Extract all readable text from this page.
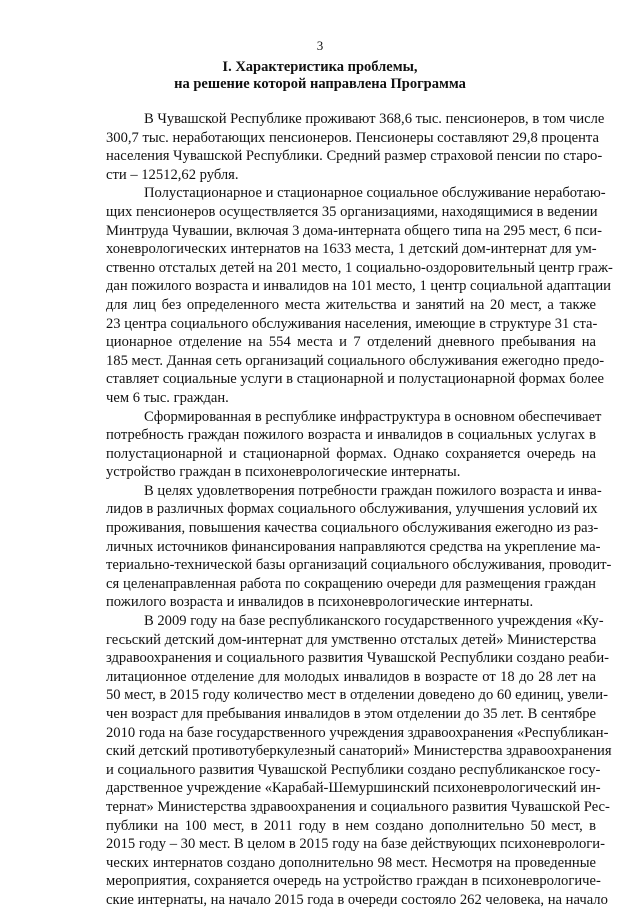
3
I. Характеристика проблемы,
на решение которой направлена Программа
В Чувашской Республике проживают 368,6 тыс. пенсионеров, в том числе
300,7 тыс. неработающих пенсионеров. Пенсионеры составляют 29,8 процента
населения Чувашской Республики. Средний размер страховой пенсии по старо-
сти – 12512,62 рубля.
Полустационарное и стационарное социальное обслуживание неработаю-
щих пенсионеров осуществляется 35 организациями, находящимися в ведении
Минтруда Чувашии, включая 3 дома-интерната общего типа на 295 мест, 6 пси-
хоневрологических интернатов на 1633 места, 1 детский дом-интернат для ум-
ственно отсталых детей на 201 место, 1 социально-оздоровительный центр граж-
дан пожилого возраста и инвалидов на 101 место, 1 центр социальной адаптации
для лиц без определенного места жительства и занятий на 20 мест, а также
23 центра социального обслуживания населения, имеющие в структуре 31 ста-
ционарное отделение на 554 места и 7 отделений дневного пребывания на
185 мест. Данная сеть организаций социального обслуживания ежегодно предо-
ставляет социальные услуги в стационарной и полустационарной формах более
чем 6 тыс. граждан.
Сформированная в республике инфраструктура в основном обеспечивает
потребность граждан пожилого возраста и инвалидов в социальных услугах в
полустационарной и стационарной формах. Однако сохраняется очередь на
устройство граждан в психоневрологические интернаты.
В целях удовлетворения потребности граждан пожилого возраста и инва-
лидов в различных формах социального обслуживания, улучшения условий их
проживания, повышения качества социального обслуживания ежегодно из раз-
личных источников финансирования направляются средства на укрепление ма-
териально-технической базы организаций социального обслуживания, проводит-
ся целенаправленная работа по сокращению очереди для размещения граждан
пожилого возраста и инвалидов в психоневрологические интернаты.
В 2009 году на базе республиканского государственного учреждения «Ку-
гесьский детский дом-интернат для умственно отсталых детей» Министерства
здравоохранения и социального развития Чувашской Республики создано реаби-
литационное отделение для молодых инвалидов в возрасте от 18 до 28 лет на
50 мест, в 2015 году количество мест в отделении доведено до 60 единиц, увели-
чен возраст для пребывания инвалидов в этом отделении до 35 лет. В сентябре
2010 года на базе государственного учреждения здравоохранения «Республикан-
ский детский противотуберкулезный санаторий» Министерства здравоохранения
и социального развития Чувашской Республики создано республиканское госу-
дарственное учреждение «Карабай-Шемуршинский психоневрологический ин-
тернат» Министерства здравоохранения и социального развития Чувашской Рес-
публики на 100 мест, в 2011 году в нем создано дополнительно 50 мест, в
2015 году – 30 мест. В целом в 2015 году на базе действующих психоневрологи-
ческих интернатов создано дополнительно 98 мест. Несмотря на проведенные
мероприятия, сохраняется очередь на устройство граждан в психоневрологиче-
ские интернаты, на начало 2015 года в очереди состояло 262 человека, на начало
